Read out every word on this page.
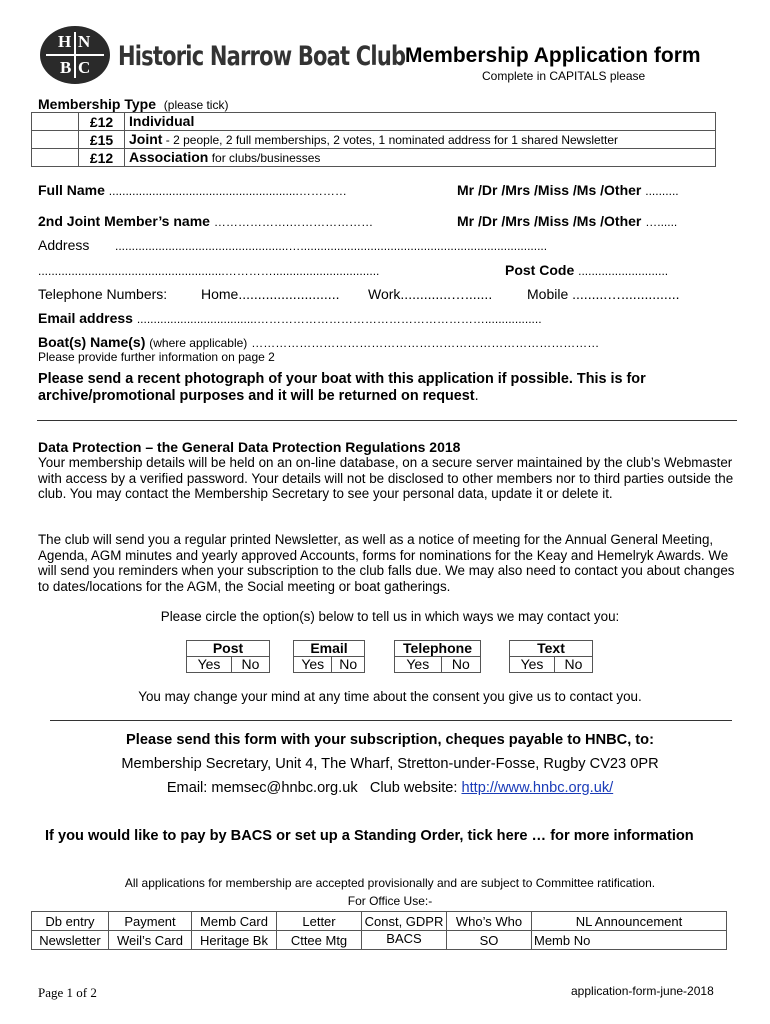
H N
B C Historic Narrow Boat Club Membership Application form
Complete in CAPITALS please
Membership Type (please tick)
	£12	Individual
	£15	Joint - 2 people, 2 full memberships, 2 votes, 1 nominated address for 1 shared Newsletter
	£12	Association for clubs/businesses
Full Name .........................................................…………	Mr /Dr /Mrs /Miss /Ms /Other ..........
2nd Joint Member’s name ……………….…………………	Mr /Dr /Mrs /Miss /Ms /Other …......
Address ....................................................…..........................................................................
........................................................…………................................	Post Code ...........................
Telephone Numbers: Home.......................... Work.............…....... Mobile .........…...............
Email address ....................................………………………………………………….................
Boat(s) Name(s) (where applicable) ……………………………………………………………………………
Please provide further information on page 2
Please send a recent photograph of your boat with this application if possible. This is for archive/promotional purposes and it will be returned on request.
Data Protection – the General Data Protection Regulations 2018
Your membership details will be held on an on-line database, on a secure server maintained by the club’s Webmaster with access by a verified password. Your details will not be disclosed to other members nor to third parties outside the club. You may contact the Membership Secretary to see your personal data, update it or delete it.
The club will send you a regular printed Newsletter, as well as a notice of meeting for the Annual General Meeting, Agenda, AGM minutes and yearly approved Accounts, forms for nominations for the Keay and Hemelryk Awards. We will send you reminders when your subscription to the club falls due. We may also need to contact you about changes to dates/locations for the AGM, the Social meeting or boat gatherings.
Please circle the option(s) below to tell us in which ways we may contact you:
Post
Yes	No
Email
Yes	No
Telephone
Yes	No
Text
Yes	No
You may change your mind at any time about the consent you give us to contact you.
Please send this form with your subscription, cheques payable to HNBC, to:
Membership Secretary, Unit 4, The Wharf, Stretton-under-Fosse, Rugby CV23 0PR
Email: memsec@hnbc.org.uk Club website: http://www.hnbc.org.uk/
If you would like to pay by BACS or set up a Standing Order, tick here … for more information
All applications for membership are accepted provisionally and are subject to Committee ratification.
For Office Use:-
Db entry	Payment	Memb Card	Letter	Const, GDPR	Who’s Who	NL Announcement
Newsletter	Weil’s Card	Heritage Bk	Cttee Mtg	BACS	SO	Memb No
Page 1 of 2	application-form-june-2018
